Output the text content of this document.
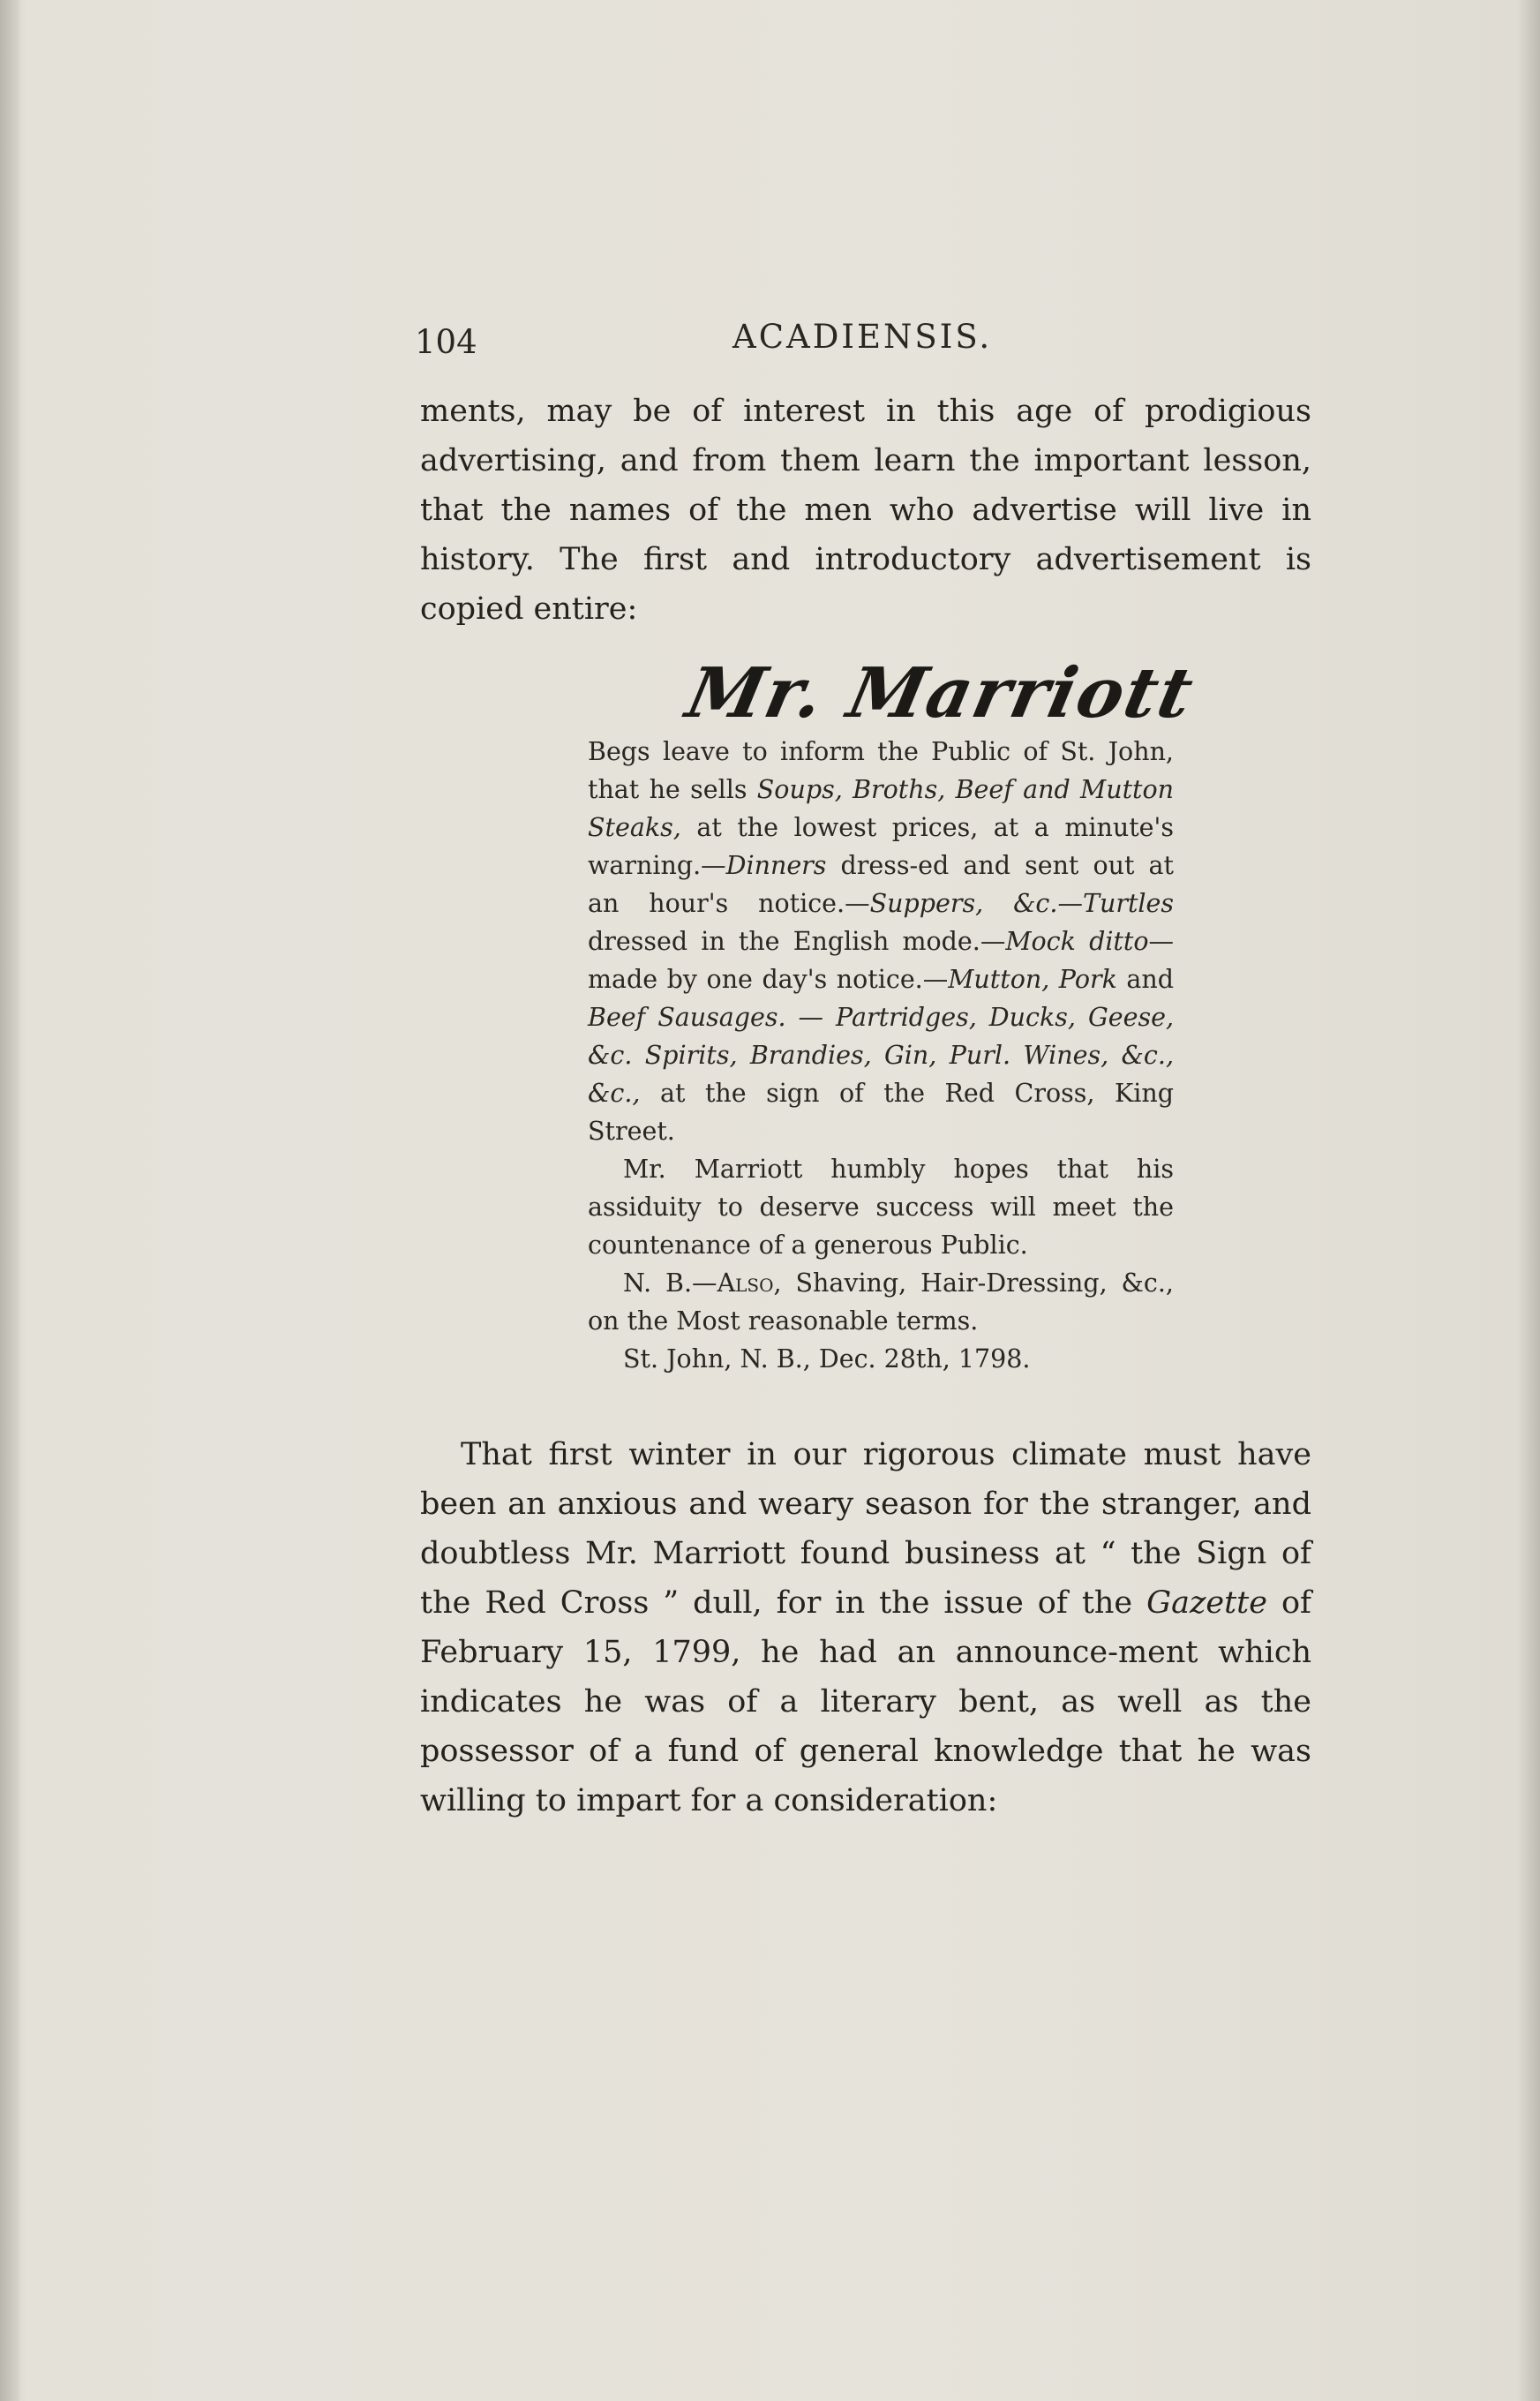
104	ACADIENSIS.

ments, may be of interest in this age of prodigious advertising, and from them learn the important lesson, that the names of the men who advertise will live in history. The first and introductory advertisement is copied entire:

Mr. Marriott

Begs leave to inform the Public of St. John, that he sells Soups, Broths, Beef and Mutton Steaks, at the lowest prices, at a minute's warning.—Dinners dress-ed and sent out at an hour's notice.—Suppers, &c.—Turtles dressed in the English mode.—Mock ditto—made by one day's notice.—Mutton, Pork and Beef Sausages. — Partridges, Ducks, Geese, &c. Spirits, Brandies, Gin, Purl. Wines, &c., &c., at the sign of the Red Cross, King Street.

Mr. Marriott humbly hopes that his assiduity to deserve success will meet the countenance of a generous Public.

N. B.—Also, Shaving, Hair-Dressing, &c., on the Most reasonable terms.

St. John, N. B., Dec. 28th, 1798.

That first winter in our rigorous climate must have been an anxious and weary season for the stranger, and doubtless Mr. Marriott found business at “ the Sign of the Red Cross ” dull, for in the issue of the Gazette of February 15, 1799, he had an announce-ment which indicates he was of a literary bent, as well as the possessor of a fund of general knowledge that he was willing to impart for a consideration:
